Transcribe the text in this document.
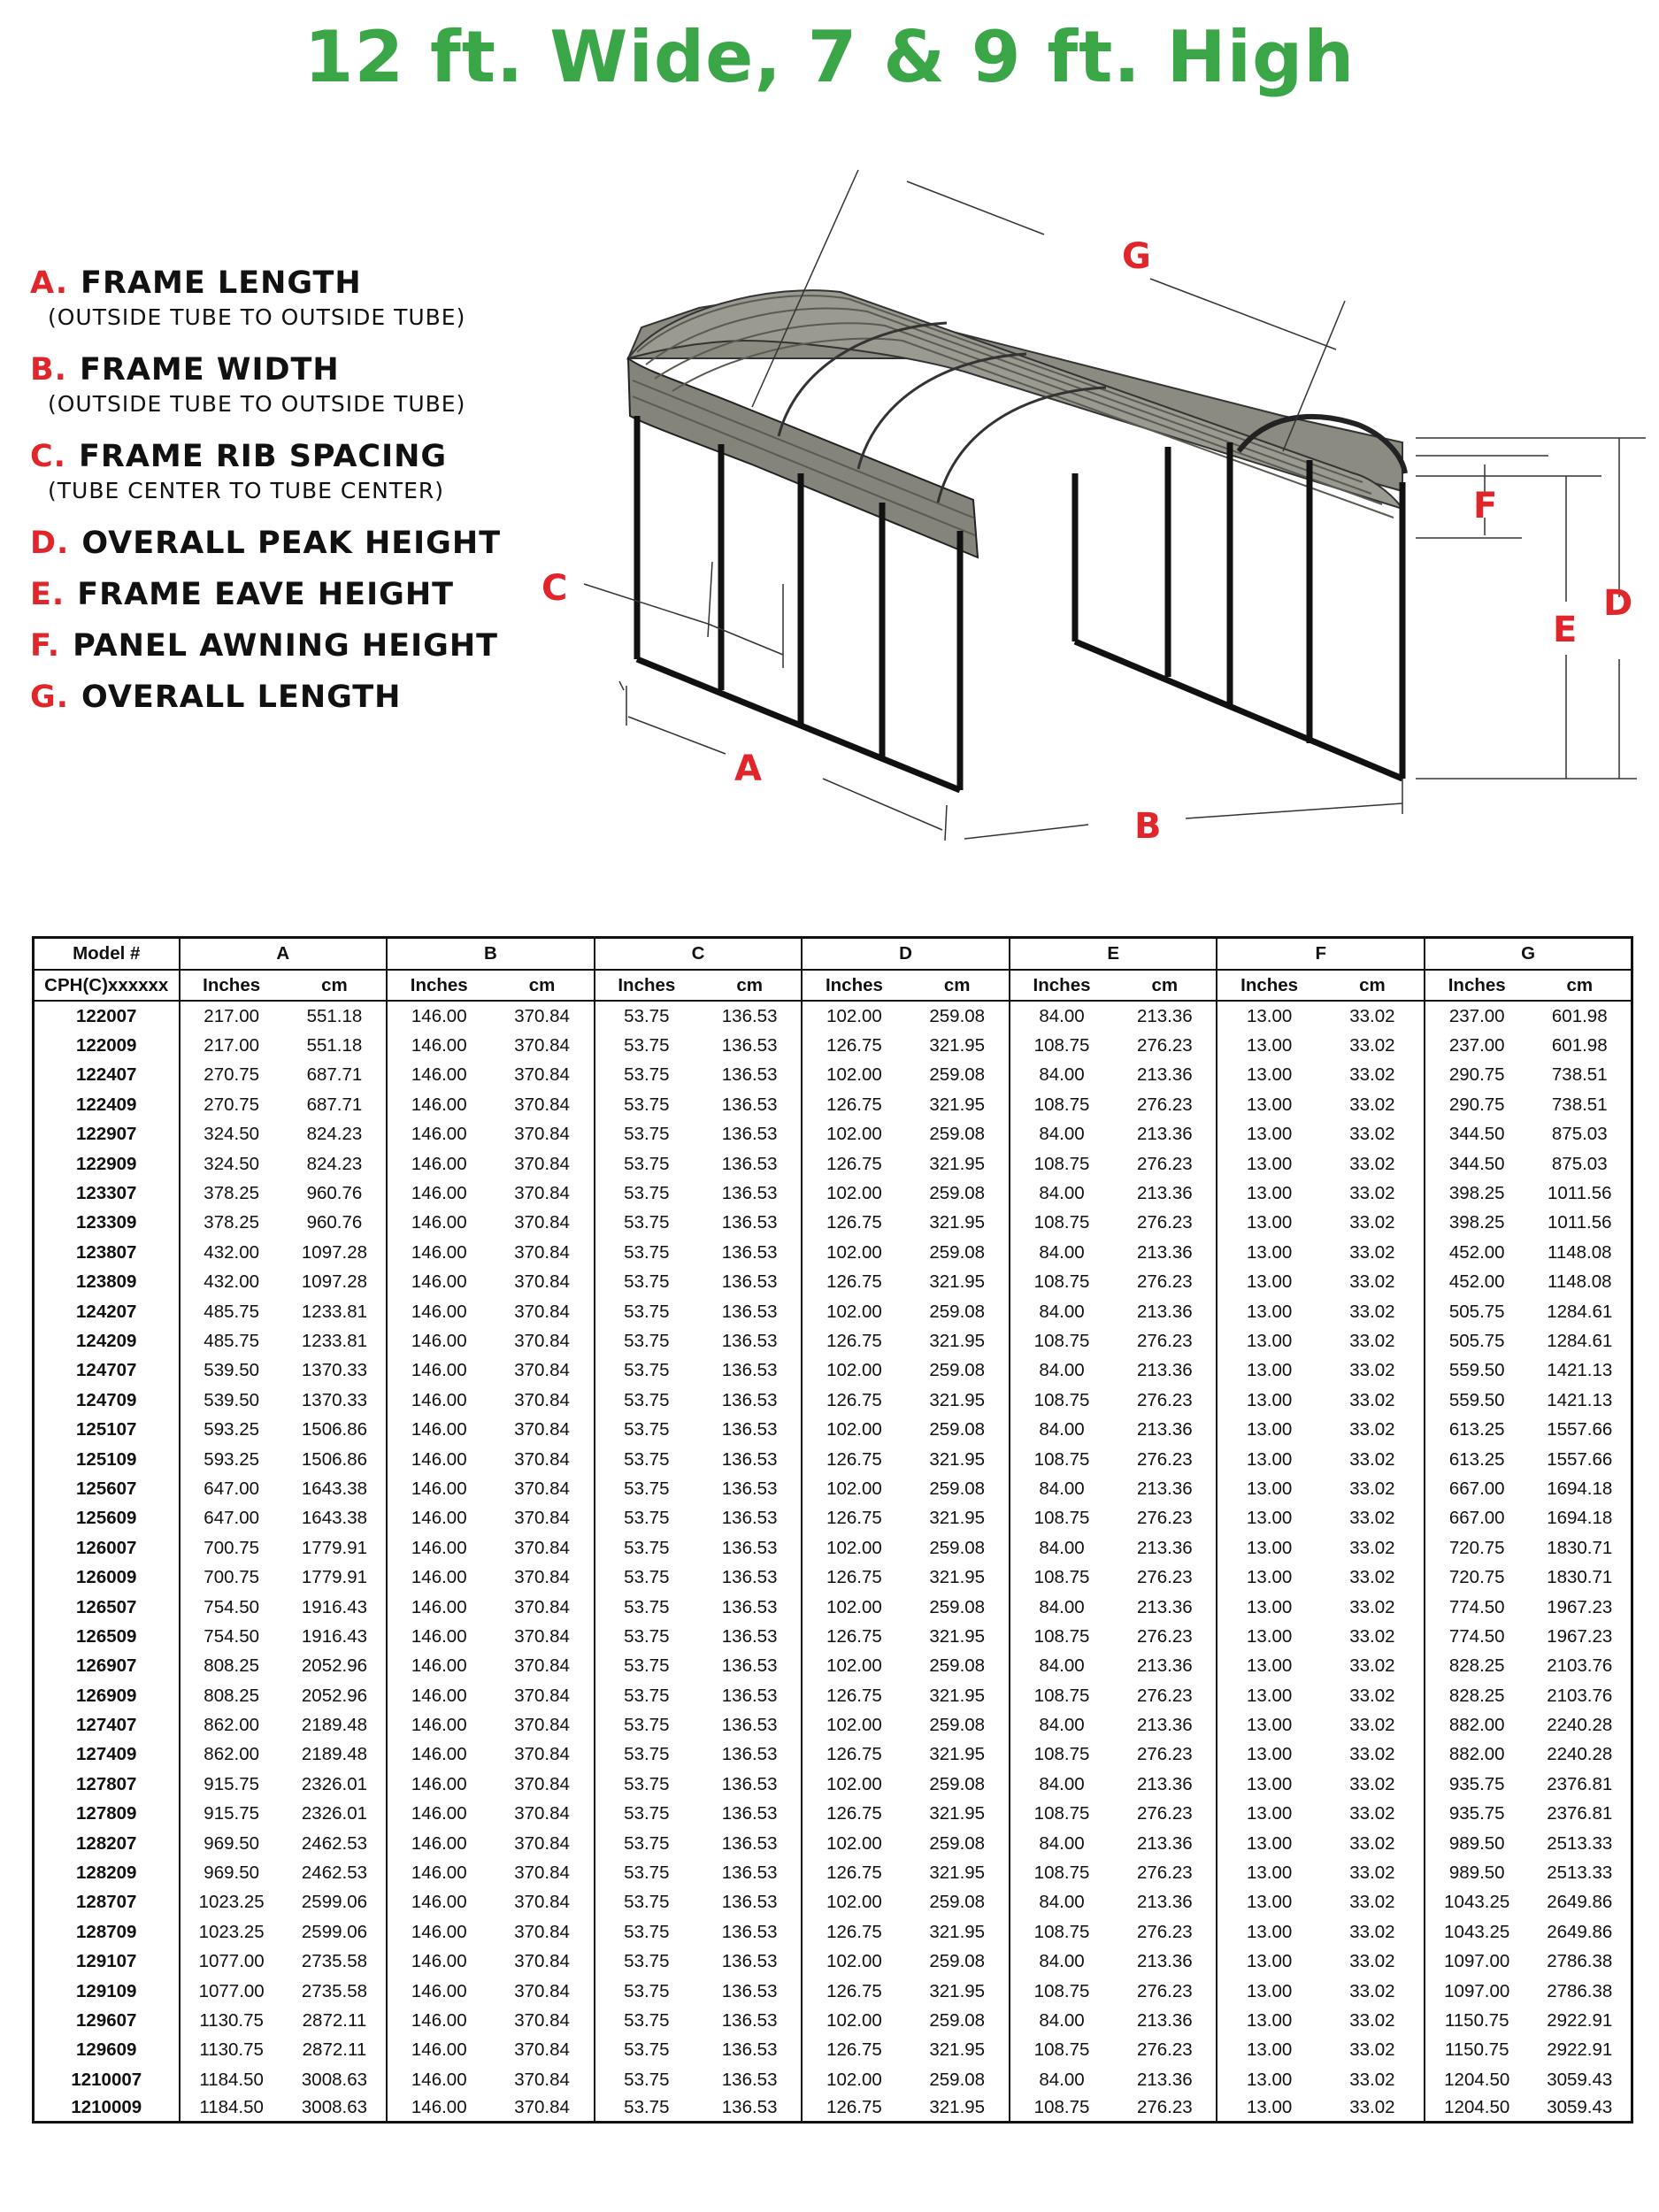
12 ft. Wide, 7 & 9 ft. High
A. FRAME LENGTH
(OUTSIDE TUBE TO OUTSIDE TUBE)
B. FRAME WIDTH
(OUTSIDE TUBE TO OUTSIDE TUBE)
C. FRAME RIB SPACING
(TUBE CENTER TO TUBE CENTER)
D. OVERALL PEAK HEIGHT
E. FRAME EAVE HEIGHT
F. PANEL AWNING HEIGHT
G. OVERALL LENGTH
G
C
A
B
F
E
D
Model #	A		B		C		D		E		F		G	
CPH(C)xxxxxx	Inches	cm	Inches	cm	Inches	cm	Inches	cm	Inches	cm	Inches	cm	Inches	cm
122007	217.00	551.18	146.00	370.84	53.75	136.53	102.00	259.08	84.00	213.36	13.00	33.02	237.00	601.98
122009	217.00	551.18	146.00	370.84	53.75	136.53	126.75	321.95	108.75	276.23	13.00	33.02	237.00	601.98
122407	270.75	687.71	146.00	370.84	53.75	136.53	102.00	259.08	84.00	213.36	13.00	33.02	290.75	738.51
122409	270.75	687.71	146.00	370.84	53.75	136.53	126.75	321.95	108.75	276.23	13.00	33.02	290.75	738.51
122907	324.50	824.23	146.00	370.84	53.75	136.53	102.00	259.08	84.00	213.36	13.00	33.02	344.50	875.03
122909	324.50	824.23	146.00	370.84	53.75	136.53	126.75	321.95	108.75	276.23	13.00	33.02	344.50	875.03
123307	378.25	960.76	146.00	370.84	53.75	136.53	102.00	259.08	84.00	213.36	13.00	33.02	398.25	1011.56
123309	378.25	960.76	146.00	370.84	53.75	136.53	126.75	321.95	108.75	276.23	13.00	33.02	398.25	1011.56
123807	432.00	1097.28	146.00	370.84	53.75	136.53	102.00	259.08	84.00	213.36	13.00	33.02	452.00	1148.08
123809	432.00	1097.28	146.00	370.84	53.75	136.53	126.75	321.95	108.75	276.23	13.00	33.02	452.00	1148.08
124207	485.75	1233.81	146.00	370.84	53.75	136.53	102.00	259.08	84.00	213.36	13.00	33.02	505.75	1284.61
124209	485.75	1233.81	146.00	370.84	53.75	136.53	126.75	321.95	108.75	276.23	13.00	33.02	505.75	1284.61
124707	539.50	1370.33	146.00	370.84	53.75	136.53	102.00	259.08	84.00	213.36	13.00	33.02	559.50	1421.13
124709	539.50	1370.33	146.00	370.84	53.75	136.53	126.75	321.95	108.75	276.23	13.00	33.02	559.50	1421.13
125107	593.25	1506.86	146.00	370.84	53.75	136.53	102.00	259.08	84.00	213.36	13.00	33.02	613.25	1557.66
125109	593.25	1506.86	146.00	370.84	53.75	136.53	126.75	321.95	108.75	276.23	13.00	33.02	613.25	1557.66
125607	647.00	1643.38	146.00	370.84	53.75	136.53	102.00	259.08	84.00	213.36	13.00	33.02	667.00	1694.18
125609	647.00	1643.38	146.00	370.84	53.75	136.53	126.75	321.95	108.75	276.23	13.00	33.02	667.00	1694.18
126007	700.75	1779.91	146.00	370.84	53.75	136.53	102.00	259.08	84.00	213.36	13.00	33.02	720.75	1830.71
126009	700.75	1779.91	146.00	370.84	53.75	136.53	126.75	321.95	108.75	276.23	13.00	33.02	720.75	1830.71
126507	754.50	1916.43	146.00	370.84	53.75	136.53	102.00	259.08	84.00	213.36	13.00	33.02	774.50	1967.23
126509	754.50	1916.43	146.00	370.84	53.75	136.53	126.75	321.95	108.75	276.23	13.00	33.02	774.50	1967.23
126907	808.25	2052.96	146.00	370.84	53.75	136.53	102.00	259.08	84.00	213.36	13.00	33.02	828.25	2103.76
126909	808.25	2052.96	146.00	370.84	53.75	136.53	126.75	321.95	108.75	276.23	13.00	33.02	828.25	2103.76
127407	862.00	2189.48	146.00	370.84	53.75	136.53	102.00	259.08	84.00	213.36	13.00	33.02	882.00	2240.28
127409	862.00	2189.48	146.00	370.84	53.75	136.53	126.75	321.95	108.75	276.23	13.00	33.02	882.00	2240.28
127807	915.75	2326.01	146.00	370.84	53.75	136.53	102.00	259.08	84.00	213.36	13.00	33.02	935.75	2376.81
127809	915.75	2326.01	146.00	370.84	53.75	136.53	126.75	321.95	108.75	276.23	13.00	33.02	935.75	2376.81
128207	969.50	2462.53	146.00	370.84	53.75	136.53	102.00	259.08	84.00	213.36	13.00	33.02	989.50	2513.33
128209	969.50	2462.53	146.00	370.84	53.75	136.53	126.75	321.95	108.75	276.23	13.00	33.02	989.50	2513.33
128707	1023.25	2599.06	146.00	370.84	53.75	136.53	102.00	259.08	84.00	213.36	13.00	33.02	1043.25	2649.86
128709	1023.25	2599.06	146.00	370.84	53.75	136.53	126.75	321.95	108.75	276.23	13.00	33.02	1043.25	2649.86
129107	1077.00	2735.58	146.00	370.84	53.75	136.53	102.00	259.08	84.00	213.36	13.00	33.02	1097.00	2786.38
129109	1077.00	2735.58	146.00	370.84	53.75	136.53	126.75	321.95	108.75	276.23	13.00	33.02	1097.00	2786.38
129607	1130.75	2872.11	146.00	370.84	53.75	136.53	102.00	259.08	84.00	213.36	13.00	33.02	1150.75	2922.91
129609	1130.75	2872.11	146.00	370.84	53.75	136.53	126.75	321.95	108.75	276.23	13.00	33.02	1150.75	2922.91
1210007	1184.50	3008.63	146.00	370.84	53.75	136.53	102.00	259.08	84.00	213.36	13.00	33.02	1204.50	3059.43
1210009	1184.50	3008.63	146.00	370.84	53.75	136.53	126.75	321.95	108.75	276.23	13.00	33.02	1204.50	3059.43
